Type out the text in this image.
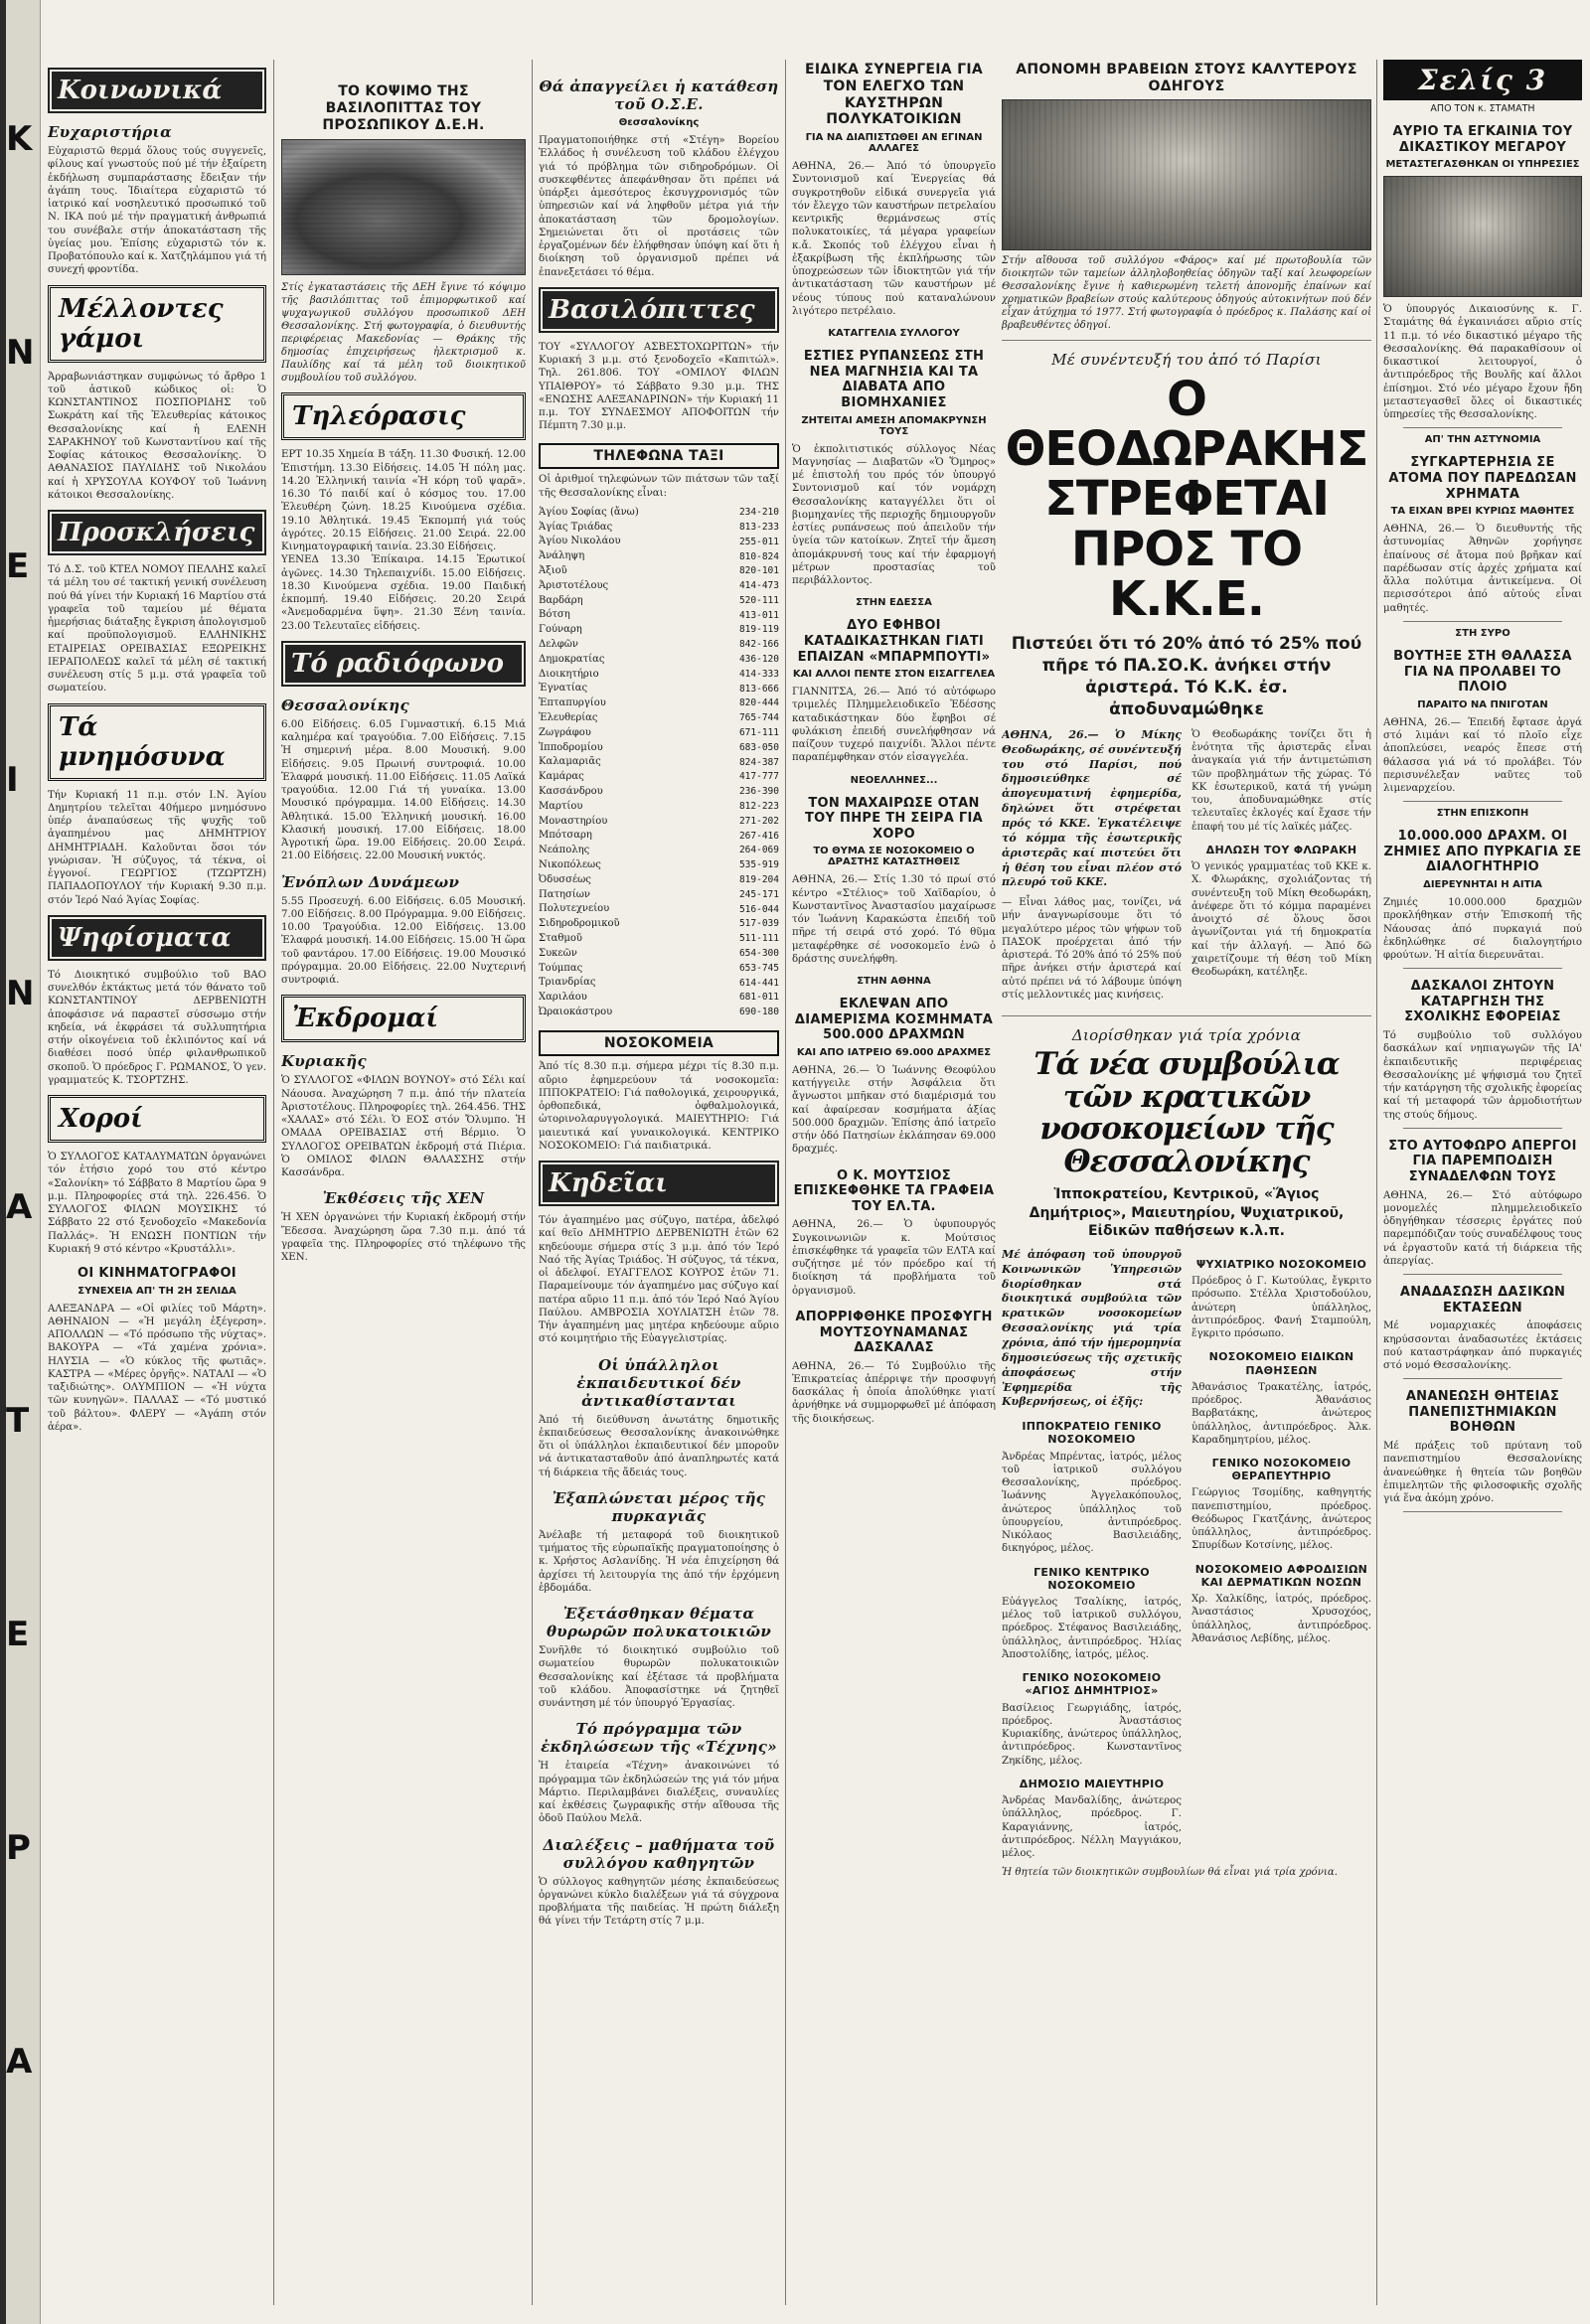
Κ
Ν
Ε
Ι
Ν
Α
Τ
Ε
Ρ
Α
Κοινωνικά
Ευχαριστήρια

Εὐχαριστῶ θερμά ὅλους τούς συγγενεῖς, φίλους καί γνωστούς πού μέ τήν ἐξαίρετη ἐκδήλωση συμπαράστασης ἔδειξαν τήν ἀγάπη τους. Ἰδιαίτερα εὐχαριστῶ τό ἰατρικό καί νοσηλευτικό προσωπικό τοῦ Ν. ΙΚΑ πού μέ τήν πραγματική ἀνθρωπιά του συνέβαλε στήν ἀποκατάσταση τῆς ὑγείας μου. Ἐπίσης εὐχαριστῶ τόν κ. Προβατόπουλο καί κ. Χατζηλάμπου γιά τή συνεχή φροντίδα.

Μέλλοντες γάμοι

Ἀρραβωνιάστηκαν συμφώνως τό ἄρθρο 1 τοῦ ἀστικοῦ κώδικος οἱ: Ὁ ΚΩΝΣΤΑΝΤΙΝΟΣ ΠΟΣΠΟΡΙΔΗΣ τοῦ Σωκράτη καί τῆς Ἐλευθερίας κάτοικος Θεσσαλονίκης καί ἡ ΕΛΕΝΗ ΣΑΡΑΚΗΝΟΥ τοῦ Κωνσταντίνου καί τῆς Σοφίας κάτοικος Θεσσαλονίκης. Ὁ ΑΘΑΝΑΣΙΟΣ ΠΑΥΛΙΔΗΣ τοῦ Νικολάου καί ἡ ΧΡΥΣΟΥΛΑ ΚΟΥΦΟΥ τοῦ Ἰωάννη κάτοικοι Θεσσαλονίκης.

Προσκλήσεις

Τό Δ.Σ. τοῦ ΚΤΕΛ ΝΟΜΟΥ ΠΕΛΛΗΣ καλεῖ τά μέλη του σέ τακτική γενική συνέλευση πού θά γίνει τήν Κυριακή 16 Μαρτίου στά γραφεῖα τοῦ ταμείου μέ θέματα ἡμερήσιας διάταξης ἔγκριση ἀπολογισμοῦ καί προϋπολογισμοῦ. ΕΛΛΗΝΙΚΗΣ ΕΤΑΙΡΕΙΑΣ ΟΡΕΙΒΑΣΙΑΣ ΕΞΩΡΕΙΚΗΣ ΙΕΡΑΠΟΛΕΩΣ καλεῖ τά μέλη σέ τακτική συνέλευση στίς 5 μ.μ. στά γραφεῖα τοῦ σωματείου.

Τά μνημόσυνα

Τήν Κυριακή 11 π.μ. στόν Ι.Ν. Ἁγίου Δημητρίου τελεῖται 40ήμερο μνημόσυνο ὑπέρ ἀναπαύσεως τῆς ψυχῆς τοῦ ἀγαπημένου μας ΔΗΜΗΤΡΙΟΥ ΔΗΜΗΤΡΙΑΔΗ. Καλοῦνται ὅσοι τόν γνώρισαν. Ἡ σύζυγος, τά τέκνα, οἱ ἐγγονοί. ΓΕΩΡΓΙΟΣ (ΤΖΩΡΤΖΗ) ΠΑΠΑΔΟΠΟΥΛΟΥ τήν Κυριακή 9.30 π.μ. στόν Ἱερό Ναό Ἁγίας Σοφίας.

Ψηφίσματα

Τό Διοικητικό συμβούλιο τοῦ ΒΑΟ συνελθόν ἐκτάκτως μετά τόν θάνατο τοῦ ΚΩΝΣΤΑΝΤΙΝΟΥ ΔΕΡΒΕΝΙΩΤΗ ἀποφάσισε νά παραστεῖ σύσσωμο στήν κηδεία, νά ἐκφράσει τά συλλυπητήρια στήν οἰκογένεια τοῦ ἐκλιπόντος καί νά διαθέσει ποσό ὑπέρ φιλανθρωπικοῦ σκοποῦ. Ὁ πρόεδρος Γ. ΡΩΜΑΝΟΣ, Ὁ γεν. γραμματεύς Κ. ΤΣΟΡΤΖΗΣ.

Χοροί

Ὁ ΣΥΛΛΟΓΟΣ ΚΑΤΑΛΥΜΑΤΩΝ ὀργανώνει τόν ἐτήσιο χορό του στό κέντρο «Σαλονίκη» τό Σάββατο 8 Μαρτίου ὥρα 9 μ.μ. Πληροφορίες στά τηλ. 226.456. Ὁ ΣΥΛΛΟΓΟΣ ΦΙΛΩΝ ΜΟΥΣΙΚΗΣ τό Σάββατο 22 στό ξενοδοχεῖο «Μακεδονία Παλλάς». Ἡ ΕΝΩΣΗ ΠΟΝΤΙΩΝ τήν Κυριακή 9 στό κέντρο «Κρυστάλλι».

ΟΙ ΚΙΝΗΜΑΤΟΓΡΑΦΟΙ
ΣΥΝΕΧΕΙΑ ΑΠ' ΤΗ 2Η ΣΕΛΙΔΑ

ΑΛΕΞΑΝΔΡΑ — «Οἱ φιλίες τοῦ Μάρτη». ΑΘΗΝΑΙΟΝ — «Ἡ μεγάλη ἐξέγερση». ΑΠΟΛΛΩΝ — «Τό πρόσωπο τῆς νύχτας». ΒΑΚΟΥΡΑ — «Τά χαμένα χρόνια». ΗΛΥΣΙΑ — «Ὁ κύκλος τῆς φωτιᾶς». ΚΑΣΤΡΑ — «Μέρες ὀργῆς». ΝΑΤΑΛΙ — «Ὁ ταξιδιώτης». ΟΛΥΜΠΙΟΝ — «Ἡ νύχτα τῶν κυνηγῶν». ΠΑΛΛΑΣ — «Τό μυστικό τοῦ βάλτου». ΦΛΕΡΥ — «Ἀγάπη στόν ἀέρα».

ΤΟ ΚΟΨΙΜΟ ΤΗΣ ΒΑΣΙΛΟΠΙΤΤΑΣ ΤΟΥ ΠΡΟΣΩΠΙΚΟΥ Δ.Ε.Η.

Στίς ἐγκαταστάσεις τῆς ΔΕΗ ἔγινε τό κόψιμο τῆς βασιλόπιττας τοῦ ἐπιμορφωτικοῦ καί ψυχαγωγικοῦ συλλόγου προσωπικοῦ ΔΕΗ Θεσσαλονίκης. Στή φωτογραφία, ὁ διευθυντής περιφέρειας Μακεδονίας — Θράκης τῆς δημοσίας ἐπιχειρήσεως ἠλεκτρισμοῦ κ. Παυλίδης καί τά μέλη τοῦ διοικητικοῦ συμβουλίου τοῦ συλλόγου.

Τηλεόρασις

ΕΡΤ 10.35 Χημεία Β τάξη. 11.30 Φυσική. 12.00 Ἐπιστήμη. 13.30 Εἰδήσεις. 14.05 Ἡ πόλη μας. 14.20 Ἐλληνική ταινία «Ἡ κόρη τοῦ ψαρᾶ». 16.30 Τό παιδί καί ὁ κόσμος του. 17.00 Ἐλευθέρη ζώνη. 18.25 Κινούμενα σχέδια. 19.10 Ἀθλητικά. 19.45 Ἐκπομπή γιά τούς ἀγρότες. 20.15 Εἰδήσεις. 21.00 Σειρά. 22.00 Κινηματογραφική ταινία. 23.30 Εἰδήσεις.
ΥΕΝΕΔ 13.30 Ἐπίκαιρα. 14.15 Ἐρωτικοί ἀγῶνες. 14.30 Τηλεπαιχνίδι. 15.00 Εἰδήσεις. 18.30 Κινούμενα σχέδια. 19.00 Παιδική ἐκπομπή. 19.40 Εἰδήσεις. 20.20 Σειρά «Ἀνεμοδαρμένα ὕψη». 21.30 Ξένη ταινία. 23.00 Τελευταῖες εἰδήσεις.

Τό ραδιόφωνο
Θεσσαλονίκης

6.00 Εἰδήσεις. 6.05 Γυμναστική. 6.15 Μιά καλημέρα καί τραγούδια. 7.00 Εἰδήσεις. 7.15 Ἡ σημερινή μέρα. 8.00 Μουσική. 9.00 Εἰδήσεις. 9.05 Πρωινή συντροφιά. 10.00 Ἐλαφρά μουσική. 11.00 Εἰδήσεις. 11.05 Λαϊκά τραγούδια. 12.00 Γιά τή γυναίκα. 13.00 Μουσικό πρόγραμμα. 14.00 Εἰδήσεις. 14.30 Ἀθλητικά. 15.00 Ἑλληνική μουσική. 16.00 Κλασική μουσική. 17.00 Εἰδήσεις. 18.00 Ἀγροτική ὥρα. 19.00 Εἰδήσεις. 20.00 Σειρά. 21.00 Εἰδήσεις. 22.00 Μουσική νυκτός.

Ἐνόπλων Δυνάμεων

5.55 Προσευχή. 6.00 Εἰδήσεις. 6.05 Μουσική. 7.00 Εἰδήσεις. 8.00 Πρόγραμμα. 9.00 Εἰδήσεις. 10.00 Τραγούδια. 12.00 Εἰδήσεις. 13.00 Ἐλαφρά μουσική. 14.00 Εἰδήσεις. 15.00 Ἡ ὥρα τοῦ φαντάρου. 17.00 Εἰδήσεις. 19.00 Μουσικό πρόγραμμα. 20.00 Εἰδήσεις. 22.00 Νυχτερινή συντροφιά.

Ἐκδρομαί
Κυριακῆς

Ὁ ΣΥΛΛΟΓΟΣ «ΦΙΛΩΝ ΒΟΥΝΟΥ» στό Σέλι καί Νάουσα. Ἀναχώρηση 7 π.μ. ἀπό τήν πλατεία Ἀριστοτέλους. Πληροφορίες τηλ. 264.456. ΤΗΣ «ΧΑΛΑΣ» στό Σέλι. Ὁ ΕΟΣ στόν Ὄλυμπο. Ἡ ΟΜΑΔΑ ΟΡΕΙΒΑΣΙΑΣ στή Βέρμιο. Ὁ ΣΥΛΛΟΓΟΣ ΟΡΕΙΒΑΤΩΝ ἐκδρομή στά Πιέρια. Ὁ ΟΜΙΛΟΣ ΦΙΛΩΝ ΘΑΛΑΣΣΗΣ στήν Κασσάνδρα.

Ἐκθέσεις τῆς ΧΕΝ

Ἡ ΧΕΝ ὀργανώνει τήν Κυριακή ἐκδρομή στήν Ἔδεσσα. Ἀναχώρηση ὥρα 7.30 π.μ. ἀπό τά γραφεῖα της. Πληροφορίες στό τηλέφωνο τῆς ΧΕΝ.

Θά ἀπαγγείλει ἡ κατάθεση τοῦ Ο.Σ.Ε.
Θεσσαλονίκης

Πραγματοποιήθηκε στή «Στέγη» Βορείου Ἑλλάδος ἡ συνέλευση τοῦ κλάδου ἐλέγχου γιά τό πρόβλημα τῶν σιδηροδρόμων. Οἱ συσκεφθέντες ἀπεφάνθησαν ὅτι πρέπει νά ὑπάρξει ἀμεσότερος ἐκσυγχρονισμός τῶν ὑπηρεσιῶν καί νά ληφθοῦν μέτρα γιά τήν ἀποκατάσταση τῶν δρομολογίων. Σημειώνεται ὅτι οἱ προτάσεις τῶν ἐργαζομένων δέν ἐλήφθησαν ὑπόψη καί ὅτι ἡ διοίκηση τοῦ ὀργανισμοῦ πρέπει νά ἐπανεξετάσει τό θέμα.

Βασιλόπιττες

ΤΟΥ «ΣΥΛΛΟΓΟΥ ΑΣΒΕΣΤΟΧΩΡΙΤΩΝ» τήν Κυριακή 3 μ.μ. στό ξενοδοχεῖο «Καπιτώλ». Τηλ. 261.806. ΤΟΥ «ΟΜΙΛΟΥ ΦΙΛΩΝ ΥΠΑΙΘΡΟΥ» τό Σάββατο 9.30 μ.μ. ΤΗΣ «ΕΝΩΣΗΣ ΑΛΕΞΑΝΔΡΙΝΩΝ» τήν Κυριακή 11 π.μ. ΤΟΥ ΣΥΝΔΕΣΜΟΥ ΑΠΟΦΟΙΤΩΝ τήν Πέμπτη 7.30 μ.μ.

ΤΗΛΕΦΩΝΑ ΤΑΞΙ

Οἱ ἀριθμοί τηλεφώνων τῶν πιάτσων τῶν ταξί τῆς Θεσσαλονίκης εἶναι:

Ἁγίου Σοφίας (ἄνω)	234-210
Ἁγίας Τριάδας	813-233
Ἁγίου Νικολάου	255-011
Ἀνάληψη	810-824
Ἀξιοῦ	820-101
Ἀριστοτέλους	414-473
Βαρδάρη	520-111
Βότση	413-011
Γούναρη	819-119
Δελφῶν	842-166
Δημοκρατίας	436-120
Διοικητήριο	414-333
Ἐγνατίας	813-666
Ἑπταπυργίου	820-444
Ἐλευθερίας	765-744
Ζωγράφου	671-111
Ἱπποδρομίου	683-050
Καλαμαριᾶς	824-387
Καμάρας	417-777
Κασσάνδρου	236-390
Μαρτίου	812-223
Μοναστηρίου	271-202
Μπότσαρη	267-416
Νεάπολης	264-069
Νικοπόλεως	535-919
Ὀδυσσέως	819-204
Πατησίων	245-171
Πολυτεχνείου	516-044
Σιδηροδρομικοῦ	517-039
Σταθμοῦ	511-111
Συκεῶν	654-300
Τούμπας	653-745
Τριανδρίας	614-441
Χαριλάου	681-011
Ὠραιοκάστρου	690-180
ΝΟΣΟΚΟΜΕΙΑ

Ἀπό τίς 8.30 π.μ. σήμερα μέχρι τίς 8.30 π.μ. αὔριο ἐφημερεύουν τά νοσοκομεῖα: ΙΠΠΟΚΡΑΤΕΙΟ: Γιά παθολογικά, χειρουργικά, ὀρθοπεδικά, ὀφθαλμολογικά, ὠτορινολαρυγγολογικά. ΜΑΙΕΥΤΗΡΙΟ: Γιά μαιευτικά καί γυναικολογικά. ΚΕΝΤΡΙΚΟ ΝΟΣΟΚΟΜΕΙΟ: Γιά παιδιατρικά.

Κηδεῖαι

Τόν ἀγαπημένο μας σύζυγο, πατέρα, ἀδελφό καί θεῖο ΔΗΜΗΤΡΙΟ ΔΕΡΒΕΝΙΩΤΗ ἐτῶν 62 κηδεύουμε σήμερα στίς 3 μ.μ. ἀπό τόν Ἱερό Ναό τῆς Ἁγίας Τριάδος. Ἡ σύζυγος, τά τέκνα, οἱ ἀδελφοί. ΕΥΑΓΓΕΛΟΣ ΚΟΥΡΟΣ ἐτῶν 71. Παραμείνουμε τόν ἀγαπημένο μας σύζυγο καί πατέρα αὔριο 11 π.μ. ἀπό τόν Ἱερό Ναό Ἁγίου Παύλου. ΑΜΒΡΟΣΙΑ ΧΟΥΛΙΑΤΣΗ ἐτῶν 78. Τήν ἀγαπημένη μας μητέρα κηδεύουμε αὔριο στό κοιμητήριο τῆς Εὐαγγελιστρίας.

Οἱ ὑπάλληλοι ἐκπαιδευτικοί δέν ἀντικαθίστανται

Ἀπό τή διεύθυνση ἀνωτάτης δημοτικῆς ἐκπαιδεύσεως Θεσσαλονίκης ἀνακοινώθηκε ὅτι οἱ ὑπάλληλοι ἐκπαιδευτικοί δέν μποροῦν νά ἀντικατασταθοῦν ἀπό ἀναπληρωτές κατά τή διάρκεια τῆς ἄδειάς τους.

Ἐξαπλώνεται μέρος τῆς πυρκαγιᾶς

Ἀνέλαβε τή μεταφορά τοῦ διοικητικοῦ τμήματος τῆς εὐρωπαϊκῆς πραγματοποίησης ὁ κ. Χρήστος Ασλανίδης. Ἡ νέα ἐπιχείρηση θά ἀρχίσει τή λειτουργία της ἀπό τήν ἐρχόμενη ἑβδομάδα.

Ἐξετάσθηκαν θέματα θυρωρῶν πολυκατοικιῶν

Συνῆλθε τό διοικητικό συμβούλιο τοῦ σωματείου θυρωρῶν πολυκατοικιῶν Θεσσαλονίκης καί ἐξέτασε τά προβλήματα τοῦ κλάδου. Ἀποφασίστηκε νά ζητηθεῖ συνάντηση μέ τόν ὑπουργό Ἐργασίας.

Τό πρόγραμμα τῶν ἐκδηλώσεων τῆς «Τέχνης»

Ἡ ἑταιρεία «Τέχνη» ἀνακοινώνει τό πρόγραμμα τῶν ἐκδηλώσεών της γιά τόν μήνα Μάρτιο. Περιλαμβάνει διαλέξεις, συναυλίες καί ἐκθέσεις ζωγραφικῆς στήν αἴθουσα τῆς ὁδοῦ Παύλου Μελᾶ.

Διαλέξεις – μαθήματα τοῦ συλλόγου καθηγητῶν

Ὁ σύλλογος καθηγητῶν μέσης ἐκπαιδεύσεως ὀργανώνει κύκλο διαλέξεων γιά τά σύγχρονα προβλήματα τῆς παιδείας. Ἡ πρώτη διάλεξη θά γίνει τήν Τετάρτη στίς 7 μ.μ.

ΕΙΔΙΚΑ ΣΥΝΕΡΓΕΙΑ ΓΙΑ ΤΟΝ ΕΛΕΓΧΟ ΤΩΝ ΚΑΥΣΤΗΡΩΝ ΠΟΛΥΚΑΤΟΙΚΙΩΝ
ΓΙΑ ΝΑ ΔΙΑΠΙΣΤΩΘΕΙ ΑΝ ΕΓΙΝΑΝ ΑΛΛΑΓΕΣ

ΑΘΗΝΑ, 26.— Ἀπό τό ὑπουργεῖο Συντονισμοῦ καί Ἐνεργείας θά συγκροτηθοῦν εἰδικά συνεργεῖα γιά τόν ἔλεγχο τῶν καυστήρων πετρελαίου κεντρικῆς θερμάνσεως στίς πολυκατοικίες, τά μέγαρα γραφείων κ.ἄ. Σκοπός τοῦ ἐλέγχου εἶναι ἡ ἐξακρίβωση τῆς ἐκπλήρωσης τῶν ὑποχρεώσεων τῶν ἰδιοκτητῶν γιά τήν ἀντικατάσταση τῶν καυστήρων μέ νέους τύπους πού καταναλώνουν λιγότερο πετρέλαιο.

ΚΑΤΑΓΓΕΛΙΑ ΣΥΛΛΟΓΟΥ
ΕΣΤΙΕΣ ΡΥΠΑΝΣΕΩΣ ΣΤΗ ΝΕΑ ΜΑΓΝΗΣΙΑ ΚΑΙ ΤΑ ΔΙΑΒΑΤΑ ΑΠΟ ΒΙΟΜΗΧΑΝΙΕΣ
ΖΗΤΕΙΤΑΙ ΑΜΕΣΗ ΑΠΟΜΑΚΡΥΝΣΗ ΤΟΥΣ

Ὁ ἐκπολιτιστικός σύλλογος Νέας Μαγνησίας — Διαβατῶν «Ὁ Ὅμηρος» μέ ἐπιστολή του πρός τόν ὑπουργό Συντονισμοῦ καί τόν νομάρχη Θεσσαλονίκης καταγγέλλει ὅτι οἱ βιομηχανίες τῆς περιοχῆς δημιουργοῦν ἑστίες ρυπάνσεως πού ἀπειλοῦν τήν ὑγεία τῶν κατοίκων. Ζητεῖ τήν ἄμεση ἀπομάκρυνσή τους καί τήν ἐφαρμογή μέτρων προστασίας τοῦ περιβάλλοντος.

ΣΤΗΝ ΕΔΕΣΣΑ
ΔΥΟ ΕΦΗΒΟΙ ΚΑΤΑΔΙΚΑΣΤΗΚΑΝ ΓΙΑΤΙ ΕΠΑΙΖΑΝ «ΜΠΑΡΜΠΟΥΤΙ»
ΚΑΙ ΑΛΛΟΙ ΠΕΝΤΕ ΣΤΟΝ ΕΙΣΑΓΓΕΛΕΑ

ΓΙΑΝΝΙΤΣΑ, 26.— Ἀπό τό αὐτόφωρο τριμελές Πλημμελειοδικεῖο Ἐδέσσης καταδικάστηκαν δύο ἔφηβοι σέ φυλάκιση ἐπειδή συνελήφθησαν νά παίζουν τυχερό παιχνίδι. Ἄλλοι πέντε παραπέμφθηκαν στόν εἰσαγγελέα.

ΝΕΟΕΛΛΗΝΕΣ...
ΤΟΝ ΜΑΧΑΙΡΩΣΕ ΟΤΑΝ ΤΟΥ ΠΗΡΕ ΤΗ ΣΕΙΡΑ ΓΙΑ ΧΟΡΟ
ΤΟ ΘΥΜΑ ΣΕ ΝΟΣΟΚΟΜΕΙΟ Ο ΔΡΑΣΤΗΣ ΚΑΤΑΣΤΗΘΕΙΣ

ΑΘΗΝΑ, 26.— Στίς 1.30 τό πρωί στό κέντρο «Στέλιος» τοῦ Χαϊδαρίου, ὁ Κωνσταντῖνος Ἀναστασίου μαχαίρωσε τόν Ἰωάννη Καρακώστα ἐπειδή τοῦ πῆρε τή σειρά στό χορό. Τό θῦμα μεταφέρθηκε σέ νοσοκομεῖο ἐνῶ ὁ δράστης συνελήφθη.

ΣΤΗΝ ΑΘΗΝΑ
ΕΚΛΕΨΑΝ ΑΠΟ ΔΙΑΜΕΡΙΣΜΑ ΚΟΣΜΗΜΑΤΑ 500.000 ΔΡΑΧΜΩΝ
ΚΑΙ ΑΠΟ ΙΑΤΡΕΙΟ 69.000 ΔΡΑΧΜΕΣ

ΑΘΗΝΑ, 26.— Ὁ Ἰωάννης Θεοφύλου κατήγγειλε στήν Ἀσφάλεια ὅτι ἄγνωστοι μπῆκαν στό διαμέρισμά του καί ἀφαίρεσαν κοσμήματα ἀξίας 500.000 δραχμῶν. Ἐπίσης ἀπό ἰατρεῖο στήν ὁδό Πατησίων ἐκλάπησαν 69.000 δραχμές.

Ο Κ. ΜΟΥΤΣΙΟΣ ΕΠΙΣΚΕΦΘΗΚΕ ΤΑ ΓΡΑΦΕΙΑ ΤΟΥ ΕΛ.ΤΑ.

ΑΘΗΝΑ, 26.— Ὁ ὑφυπουργός Συγκοινωνιῶν κ. Μούτσιος ἐπισκέφθηκε τά γραφεῖα τῶν ΕΛΤΑ καί συζήτησε μέ τόν πρόεδρο καί τή διοίκηση τά προβλήματα τοῦ ὀργανισμοῦ.

ΑΠΟΡΡΙΦΘΗΚΕ ΠΡΟΣΦΥΓΗ ΜΟΥΤΣΟΥΝΑΜΑΝΑΣ ΔΑΣΚΑΛΑΣ

ΑΘΗΝΑ, 26.— Τό Συμβούλιο τῆς Ἐπικρατείας ἀπέρριψε τήν προσφυγή δασκάλας ἡ ὁποία ἀπολύθηκε γιατί ἀρνήθηκε νά συμμορφωθεῖ μέ ἀπόφαση τῆς διοικήσεως.

ΑΠΟΝΟΜΗ ΒΡΑΒΕΙΩΝ ΣΤΟΥΣ ΚΑΛΥΤΕΡΟΥΣ ΟΔΗΓΟΥΣ

Στήν αἴθουσα τοῦ συλλόγου «Φάρος» καί μέ πρωτοβουλία τῶν διοικητῶν τῶν ταμείων ἀλληλοβοηθείας ὁδηγῶν ταξί καί λεωφορείων Θεσσαλονίκης ἔγινε ἡ καθιερωμένη τελετή ἀπονομῆς ἐπαίνων καί χρηματικῶν βραβείων στούς καλύτερους ὁδηγούς αὐτοκινήτων πού δέν εἶχαν ἀτύχημα τό 1977. Στή φωτογραφία ὁ πρόεδρος κ. Παλάσης καί οἱ βραβευθέντες ὁδηγοί.

Μέ συνέντευξή του ἀπό τό Παρίσι
Ο ΘΕΟΔΩΡΑΚΗΣ ΣΤΡΕΦΕΤΑΙ ΠΡΟΣ ΤΟ Κ.Κ.Ε.
Πιστεύει ὅτι τό 20% ἀπό τό 25% πού πῆρε τό ΠΑ.ΣΟ.Κ. ἀνήκει στήν ἀριστερά. Τό Κ.Κ. ἐσ. ἀποδυναμώθηκε

ΑΘΗΝΑ, 26.— Ὁ Μίκης Θεοδωράκης, σέ συνέντευξή του στό Παρίσι, πού δημοσιεύθηκε σέ ἀπογευματινή ἐφημερίδα, δηλώνει ὅτι στρέφεται πρός τό ΚΚΕ. Ἐγκατέλειψε τό κόμμα τῆς ἐσωτερικῆς ἀριστερᾶς καί πιστεύει ὅτι ἡ θέση του εἶναι πλέον στό πλευρό τοῦ ΚΚΕ.

— Εἶναι λάθος μας, τονίζει, νά μήν ἀναγνωρίσουμε ὅτι τό μεγαλύτερο μέρος τῶν ψήφων τοῦ ΠΑΣΟΚ προέρχεται ἀπό τήν ἀριστερά. Τό 20% ἀπό τό 25% πού πῆρε ἀνήκει στήν ἀριστερά καί αὐτό πρέπει νά τό λάβουμε ὑπόψη στίς μελλοντικές μας κινήσεις.

Ὁ Θεοδωράκης τονίζει ὅτι ἡ ἑνότητα τῆς ἀριστερᾶς εἶναι ἀναγκαία γιά τήν ἀντιμετώπιση τῶν προβλημάτων τῆς χώρας. Τό ΚΚ ἐσωτερικοῦ, κατά τή γνώμη του, ἀποδυναμώθηκε στίς τελευταῖες ἐκλογές καί ἔχασε τήν ἐπαφή του μέ τίς λαϊκές μάζες.

ΔΗΛΩΣΗ ΤΟΥ ΦΛΩΡΑΚΗ

Ὁ γενικός γραμματέας τοῦ ΚΚΕ κ. Χ. Φλωράκης, σχολιάζοντας τή συνέντευξη τοῦ Μίκη Θεοδωράκη, ἀνέφερε ὅτι τό κόμμα παραμένει ἀνοιχτό σέ ὅλους ὅσοι ἀγωνίζονται γιά τή δημοκρατία καί τήν ἀλλαγή. — Ἀπό δῶ χαιρετίζουμε τή θέση τοῦ Μίκη Θεοδωράκη, κατέληξε.

Διορίσθηκαν γιά τρία χρόνια
Τά νέα συμβούλια τῶν κρατικῶν νοσοκομείων τῆς Θεσσαλονίκης
Ἱπποκρατείου, Κεντρικοῦ, «Ἅγιος Δημήτριος», Μαιευτηρίου, Ψυχιατρικοῦ, Εἰδικῶν παθήσεων κ.λ.π.

Μέ ἀπόφαση τοῦ ὑπουργοῦ Κοινωνικῶν Ὑπηρεσιῶν διορίσθηκαν στά διοικητικά συμβούλια τῶν κρατικῶν νοσοκομείων Θεσσαλονίκης γιά τρία χρόνια, ἀπό τήν ἡμερομηνία δημοσιεύσεως τῆς σχετικῆς ἀποφάσεως στήν Ἐφημερίδα τῆς Κυβερνήσεως, οἱ ἑξῆς:

ΙΠΠΟΚΡΑΤΕΙΟ ΓΕΝΙΚΟ ΝΟΣΟΚΟΜΕΙΟ

Ἀνδρέας Μπρέντας, ἰατρός, μέλος τοῦ ἰατρικοῦ συλλόγου Θεσσαλονίκης, πρόεδρος. Ἰωάννης Ἀγγελακόπουλος, ἀνώτερος ὑπάλληλος τοῦ ὑπουργείου, ἀντιπρόεδρος. Νικόλαος Βασιλειάδης, δικηγόρος, μέλος.

ΓΕΝΙΚΟ ΚΕΝΤΡΙΚΟ ΝΟΣΟΚΟΜΕΙΟ

Εὐάγγελος Τσαλίκης, ἰατρός, μέλος τοῦ ἰατρικοῦ συλλόγου, πρόεδρος. Στέφανος Βασιλειάδης, ὑπάλληλος, ἀντιπρόεδρος. Ἠλίας Ἀποστολίδης, ἰατρός, μέλος.

ΓΕΝΙΚΟ ΝΟΣΟΚΟΜΕΙΟ «ΑΓΙΟΣ ΔΗΜΗΤΡΙΟΣ»

Βασίλειος Γεωργιάδης, ἰατρός, πρόεδρος. Ἀναστάσιος Κυριακίδης, ἀνώτερος ὑπάλληλος, ἀντιπρόεδρος. Κωνσταντῖνος Ζηκίδης, μέλος.

ΔΗΜΟΣΙΟ ΜΑΙΕΥΤΗΡΙΟ

Ἀνδρέας Μανδαλίδης, ἀνώτερος ὑπάλληλος, πρόεδρος. Γ. Καραγιάννης, ἰατρός, ἀντιπρόεδρος. Νέλλη Μαγγιάκου, μέλος.

ΨΥΧΙΑΤΡΙΚΟ ΝΟΣΟΚΟΜΕΙΟ

Πρόεδρος ὁ Γ. Κωτούλας, ἔγκριτο πρόσωπο. Στέλλα Χριστοδούλου, ἀνώτερη ὑπάλληλος, ἀντιπρόεδρος. Φανή Σταμπούλη, ἔγκριτο πρόσωπο.

ΝΟΣΟΚΟΜΕΙΟ ΕΙΔΙΚΩΝ ΠΑΘΗΣΕΩΝ

Ἀθανάσιος Τρακατέλης, ἰατρός, πρόεδρος. Ἀθανάσιος Βαρβατάκης, ἀνώτερος ὑπάλληλος, ἀντιπρόεδρος. Ἀλκ. Καραδημητρίου, μέλος.

ΓΕΝΙΚΟ ΝΟΣΟΚΟΜΕΙΟ ΘΕΡΑΠΕΥΤΗΡΙΟ

Γεώργιος Τσομίδης, καθηγητής πανεπιστημίου, πρόεδρος. Θεόδωρος Γκατζάνης, ἀνώτερος ὑπάλληλος, ἀντιπρόεδρος. Σπυρίδων Κοτσίνης, μέλος.

ΝΟΣΟΚΟΜΕΙΟ ΑΦΡΟΔΙΣΙΩΝ ΚΑΙ ΔΕΡΜΑΤΙΚΩΝ ΝΟΣΩΝ

Χρ. Χαλκίδης, ἰατρός, πρόεδρος. Ἀναστάσιος Χρυσοχόος, ὑπάλληλος, ἀντιπρόεδρος. Ἀθανάσιος Λεβίδης, μέλος.

Ἡ θητεία τῶν διοικητικῶν συμβουλίων θά εἶναι γιά τρία χρόνια.

Σελίς 3
ΑΠΟ ΤΟΝ κ. ΣΤΑΜΑΤΗ
ΑΥΡΙΟ ΤΑ ΕΓΚΑΙΝΙΑ ΤΟΥ ΔΙΚΑΣΤΙΚΟΥ ΜΕΓΑΡΟΥ
ΜΕΤΑΣΤΕΓΑΣΘΗΚΑΝ ΟΙ ΥΠΗΡΕΣΙΕΣ

Ὁ ὑπουργός Δικαιοσύνης κ. Γ. Σταμάτης θά ἐγκαινιάσει αὔριο στίς 11 π.μ. τό νέο δικαστικό μέγαρο τῆς Θεσσαλονίκης. Θά παρακαθίσουν οἱ δικαστικοί λειτουργοί, ὁ ἀντιπρόεδρος τῆς Βουλῆς καί ἄλλοι ἐπίσημοι. Στό νέο μέγαρο ἔχουν ἤδη μεταστεγασθεῖ ὅλες οἱ δικαστικές ὑπηρεσίες τῆς Θεσσαλονίκης.

ΑΠ' ΤΗΝ ΑΣΤΥΝΟΜΙΑ
ΣΥΓΚΑΡΤΕΡΗΣΙΑ ΣΕ ΑΤΟΜΑ ΠΟΥ ΠΑΡΕΔΩΣΑΝ ΧΡΗΜΑΤΑ
ΤΑ ΕΙΧΑΝ ΒΡΕΙ ΚΥΡΙΩΣ ΜΑΘΗΤΕΣ

ΑΘΗΝΑ, 26.— Ὁ διευθυντής τῆς ἀστυνομίας Ἀθηνῶν χορήγησε ἐπαίνους σέ ἄτομα πού βρῆκαν καί παρέδωσαν στίς ἀρχές χρήματα καί ἄλλα πολύτιμα ἀντικείμενα. Οἱ περισσότεροι ἀπό αὐτούς εἶναι μαθητές.

ΣΤΗ ΣΥΡΟ
ΒΟΥΤΗΞΕ ΣΤΗ ΘΑΛΑΣΣΑ ΓΙΑ ΝΑ ΠΡΟΛΑΒΕΙ ΤΟ ΠΛΟΙΟ
ΠΑΡΑΙΤΟ ΝΑ ΠΝΙΓΟΤΑΝ

ΑΘΗΝΑ, 26.— Ἐπειδή ἔφτασε ἀργά στό λιμάνι καί τό πλοῖο εἶχε ἀποπλεύσει, νεαρός ἔπεσε στή θάλασσα γιά νά τό προλάβει. Τόν περισυνέλεξαν ναῦτες τοῦ λιμεναρχείου.

ΣΤΗΝ ΕΠΙΣΚΟΠΗ
10.000.000 ΔΡΑΧΜ. ΟΙ ΖΗΜΙΕΣ ΑΠΟ ΠΥΡΚΑΓΙΑ ΣΕ ΔΙΑΛΟΓΗΤΗΡΙΟ
ΔΙΕΡΕΥΝΗΤΑΙ Η ΑΙΤΙΑ

Ζημιές 10.000.000 δραχμῶν προκλήθηκαν στήν Ἐπισκοπή τῆς Νάουσας ἀπό πυρκαγιά πού ἐκδηλώθηκε σέ διαλογητήριο φρούτων. Ἡ αἰτία διερευνᾶται.

ΔΑΣΚΑΛΟΙ ΖΗΤΟΥΝ ΚΑΤΑΡΓΗΣΗ ΤΗΣ ΣΧΟΛΙΚΗΣ ΕΦΟΡΕΙΑΣ

Τό συμβούλιο τοῦ συλλόγου δασκάλων καί νηπιαγωγῶν τῆς ΙΑ' ἐκπαιδευτικῆς περιφέρειας Θεσσαλονίκης μέ ψήφισμά του ζητεῖ τήν κατάργηση τῆς σχολικῆς ἐφορείας καί τή μεταφορά τῶν ἁρμοδιοτήτων της στούς δήμους.

ΣΤΟ ΑΥΤΟΦΩΡΟ ΑΠΕΡΓΟΙ ΓΙΑ ΠΑΡΕΜΠΟΔΙΣΗ ΣΥΝΑΔΕΛΦΩΝ ΤΟΥΣ

ΑΘΗΝΑ, 26.— Στό αὐτόφωρο μονομελές πλημμελειοδικεῖο ὁδηγήθηκαν τέσσερις ἐργάτες πού παρεμπόδιζαν τούς συναδέλφους τους νά ἐργαστοῦν κατά τή διάρκεια τῆς ἀπεργίας.

ΑΝΑΔΑΣΩΣΗ ΔΑΣΙΚΩΝ ΕΚΤΑΣΕΩΝ

Μέ νομαρχιακές ἀποφάσεις κηρύσσονται ἀναδασωτέες ἐκτάσεις πού καταστράφηκαν ἀπό πυρκαγιές στό νομό Θεσσαλονίκης.

ΑΝΑΝΕΩΣΗ ΘΗΤΕΙΑΣ ΠΑΝΕΠΙΣΤΗΜΙΑΚΩΝ ΒΟΗΘΩΝ

Μέ πράξεις τοῦ πρύτανη τοῦ πανεπιστημίου Θεσσαλονίκης ἀνανεώθηκε ἡ θητεία τῶν βοηθῶν ἐπιμελητῶν τῆς φιλοσοφικῆς σχολῆς γιά ἕνα ἀκόμη χρόνο.
